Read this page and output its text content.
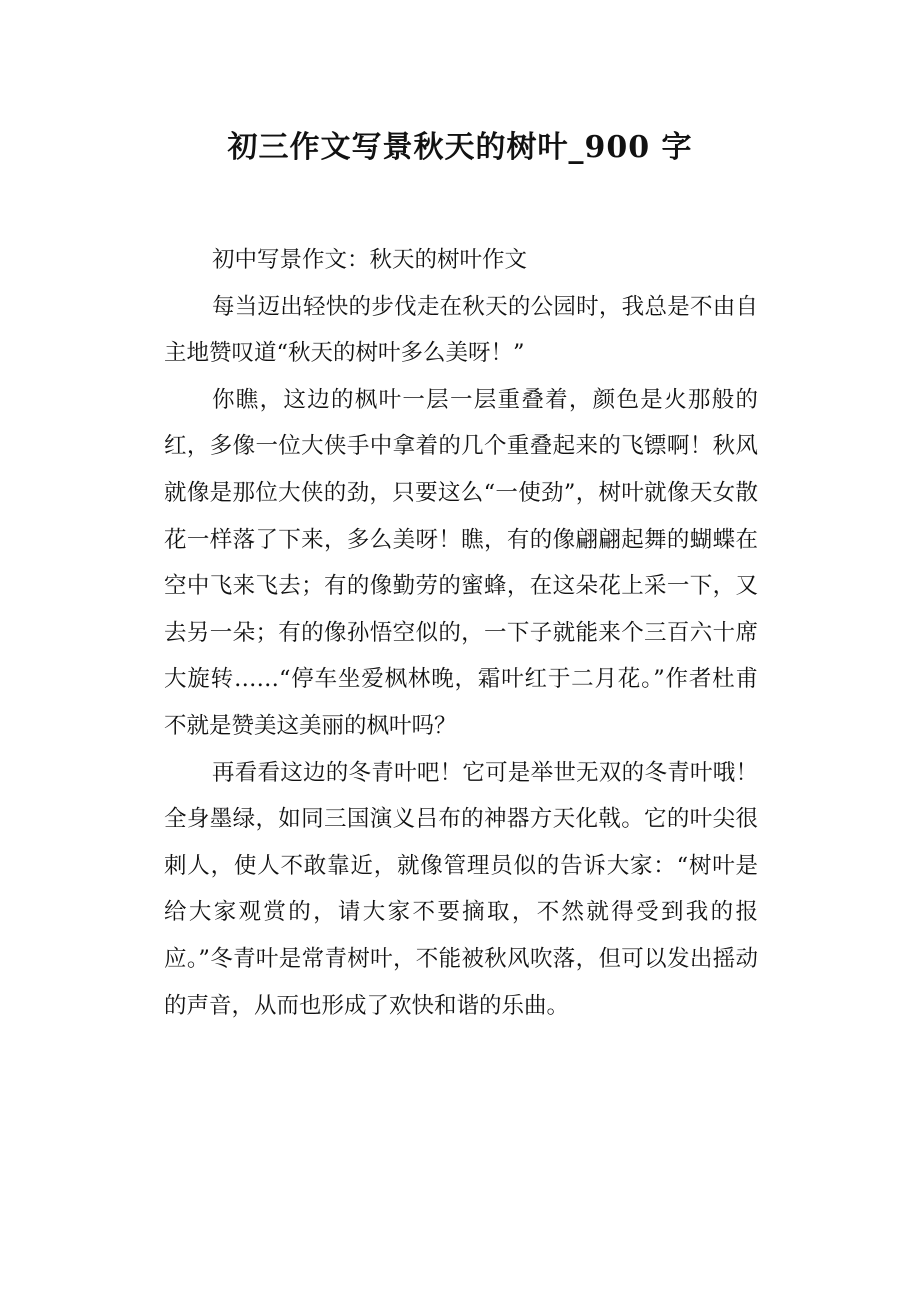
初三作文写景秋天的树叶_900 字

初中写景作文：秋天的树叶作文

每当迈出轻快的步伐走在秋天的公园时，我总是不由自主地赞叹道“秋天的树叶多么美呀！”

你瞧，这边的枫叶一层一层重叠着，颜色是火那般的红，多像一位大侠手中拿着的几个重叠起来的飞镖啊！秋风就像是那位大侠的劲，只要这么“一使劲”，树叶就像天女散花一样落了下来，多么美呀！瞧，有的像翩翩起舞的蝴蝶在空中飞来飞去；有的像勤劳的蜜蜂，在这朵花上采一下，又去另一朵；有的像孙悟空似的，一下子就能来个三百六十席大旋转……“停车坐爱枫林晚，霜叶红于二月花。”作者杜甫不就是赞美这美丽的枫叶吗？

再看看这边的冬青叶吧！它可是举世无双的冬青叶哦！全身墨绿，如同三国演义吕布的神器方天化戟。它的叶尖很刺人，使人不敢靠近，就像管理员似的告诉大家：“树叶是给大家观赏的，请大家不要摘取，不然就得受到我的报应。”冬青叶是常青树叶，不能被秋风吹落，但可以发出摇动的声音，从而也形成了欢快和谐的乐曲。
